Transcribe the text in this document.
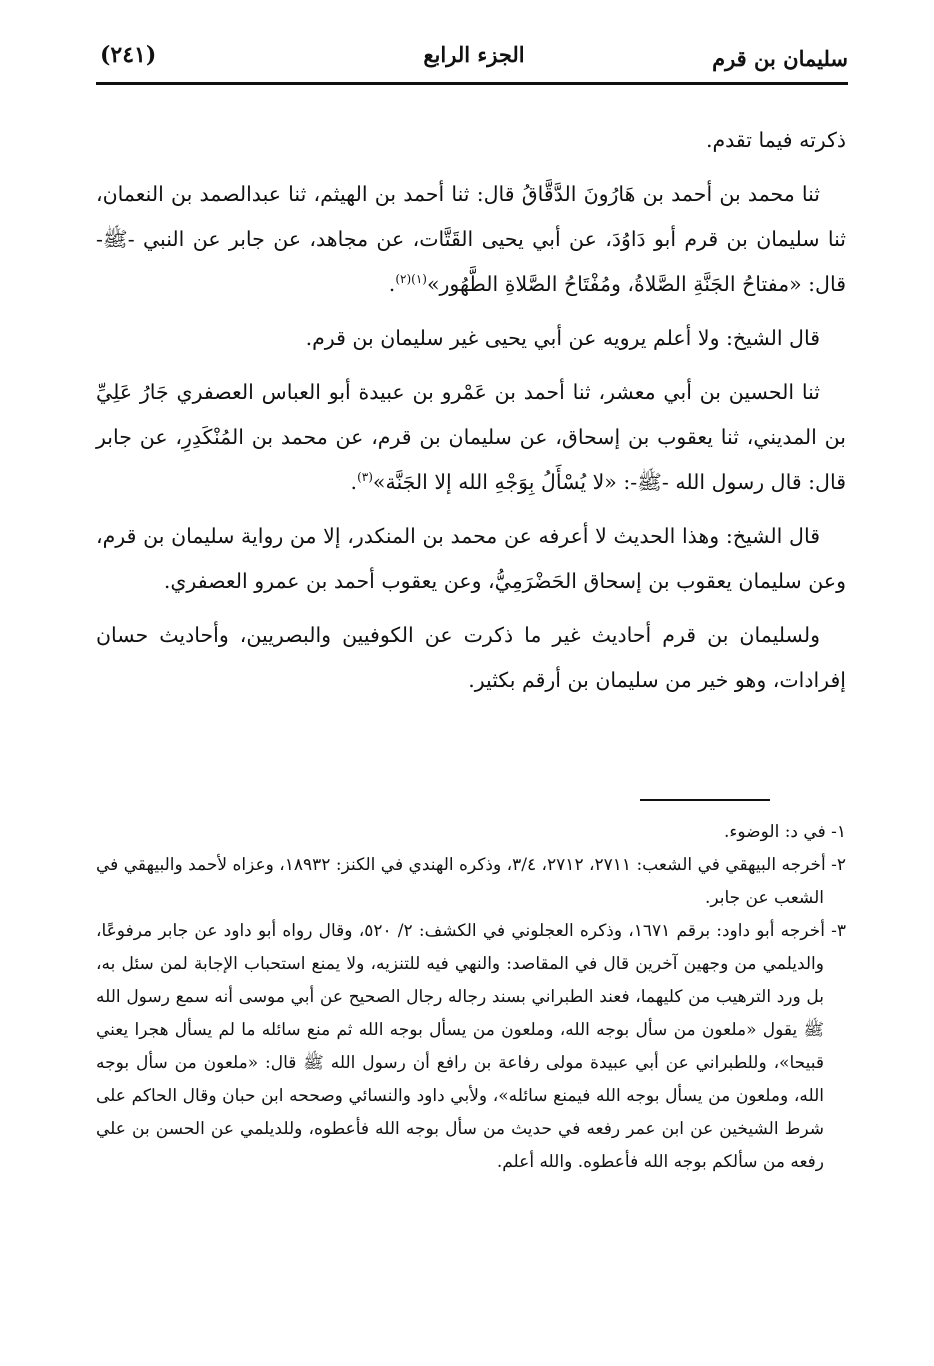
سليمان بن قرم
الجزء الرابع
(٢٤١)

ذكرته فيما تقدم.

ثنا محمد بن أحمد بن هَارُونَ الدَّقَّاقُ قال: ثنا أحمد بن الهيثم، ثنا عبدالصمد بن النعمان، ثنا سليمان بن قرم أبو دَاوُدَ، عن أبي يحيى القَتَّات، عن مجاهد، عن جابر عن النبي -ﷺ- قال: «مفتاحُ الجَنَّةِ الصَّلاةُ، ومُفْتَاحُ الصَّلاةِ الطَّهُور»$^{(١)(٢)}$.

قال الشيخ: ولا أعلم يرويه عن أبي يحيى غير سليمان بن قرم.

ثنا الحسين بن أبي معشر، ثنا أحمد بن عَمْرو بن عبيدة أبو العباس العصفري جَارُ عَلِيِّ بن المديني، ثنا يعقوب بن إسحاق، عن سليمان بن قرم، عن محمد بن المُنْكَدِرِ، عن جابر قال: قال رسول الله -ﷺ-: «لا يُسْأَلُ بِوَجْهِ الله إلا الجَنَّة»$^{(٣)}$.

قال الشيخ: وهذا الحديث لا أعرفه عن محمد بن المنكدر، إلا من رواية سليمان بن قرم، وعن سليمان يعقوب بن إسحاق الحَضْرَمِيُّ، وعن يعقوب أحمد بن عمرو العصفري.

ولسليمان بن قرم أحاديث غير ما ذكرت عن الكوفيين والبصريين، وأحاديث حسان إفرادات، وهو خير من سليمان بن أرقم بكثير.

١- في د: الوضوء.

٢- أخرجه البيهقي في الشعب: ٢٧١١، ٢٧١٢، ٣/٤، وذكره الهندي في الكنز: ١٨٩٣٢، وعزاه لأحمد والبيهقي في الشعب عن جابر.

٣- أخرجه أبو داود: برقم ١٦٧١، وذكره العجلوني في الكشف: ٢/ ٥٢٠، وقال رواه أبو داود عن جابر مرفوعًا، والديلمي من وجهين آخرين قال في المقاصد: والنهي فيه للتنزيه، ولا يمنع استحباب الإجابة لمن سئل به، بل ورد الترهيب من كليهما، فعند الطبراني بسند رجاله رجال الصحيح عن أبي موسى أنه سمع رسول الله ﷺ يقول «ملعون من سأل بوجه الله، وملعون من يسأل بوجه الله ثم منع سائله ما لم يسأل هجرا يعني قبيحا»، وللطبراني عن أبي عبيدة مولى رفاعة بن رافع أن رسول الله ﷺ قال: «ملعون من سأل بوجه الله، وملعون من يسأل بوجه الله فيمنع سائله»، ولأبي داود والنسائي وصححه ابن حبان وقال الحاكم على شرط الشيخين عن ابن عمر رفعه في حديث من سأل بوجه الله فأعطوه، وللديلمي عن الحسن بن علي رفعه من سألكم بوجه الله فأعطوه. والله أعلم.
